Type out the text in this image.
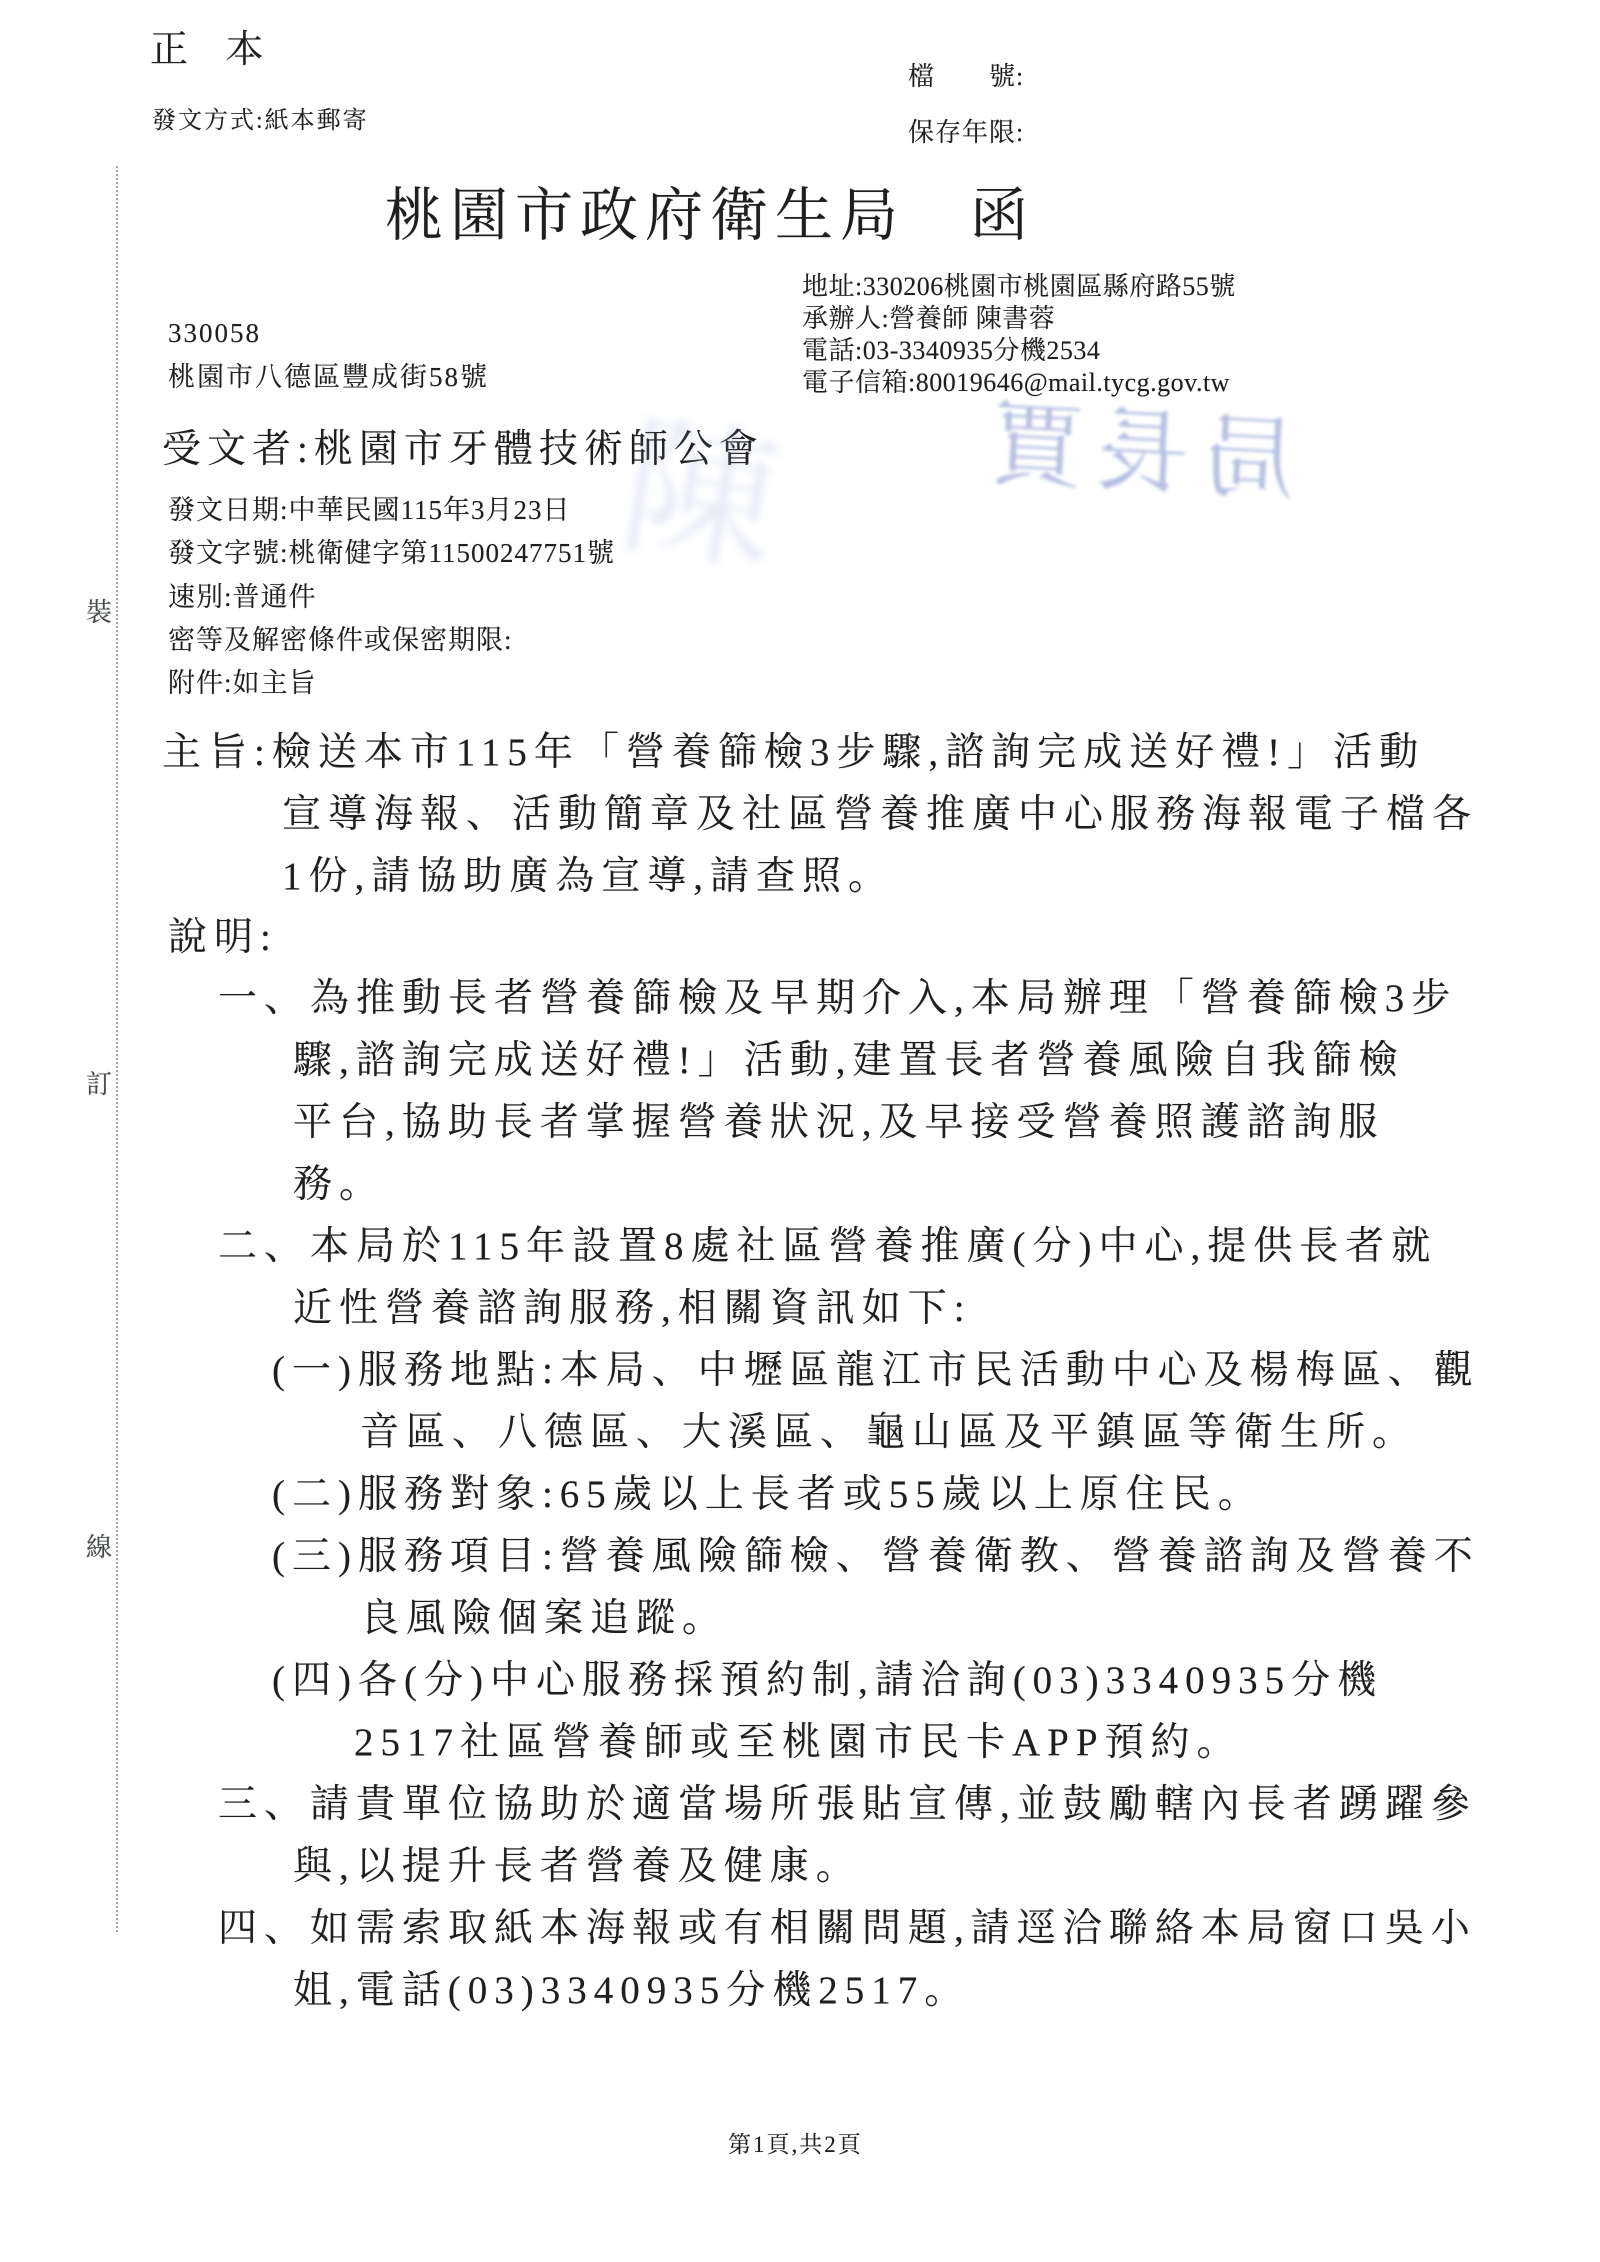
裝
訂
線
正 本
發文方式:紙本郵寄
檔　　號:
保存年限:
桃園市政府衛生局　函
地址:330206桃園市桃園區縣府路55號
承辦人:營養師 陳書蓉
電話:03-3340935分機2534
電子信箱:80019646@mail.tycg.gov.tw
330058
桃園市八德區豐成街58號
受文者:桃園市牙體技術師公會
發文日期:中華民國115年3月23日
發文字號:桃衛健字第11500247751號
速別:普通件
密等及解密條件或保密期限:
附件:如主旨
主旨:檢送本市115年「營養篩檢3步驟,諮詢完成送好禮!」活動
宣導海報、活動簡章及社區營養推廣中心服務海報電子檔各
1份,請協助廣為宣導,請查照。
說明:
一、為推動長者營養篩檢及早期介入,本局辦理「營養篩檢3步
驟,諮詢完成送好禮!」活動,建置長者營養風險自我篩檢
平台,協助長者掌握營養狀況,及早接受營養照護諮詢服
務。
二、本局於115年設置8處社區營養推廣(分)中心,提供長者就
近性營養諮詢服務,相關資訊如下:
(一)服務地點:本局、中壢區龍江市民活動中心及楊梅區、觀
音區、八德區、大溪區、龜山區及平鎮區等衛生所。
(二)服務對象:65歲以上長者或55歲以上原住民。
(三)服務項目:營養風險篩檢、營養衛教、營養諮詢及營養不
良風險個案追蹤。
(四)各(分)中心服務採預約制,請洽詢(03)3340935分機
2517社區營養師或至桃園市民卡APP預約。
三、請貴單位協助於適當場所張貼宣傳,並鼓勵轄內長者踴躍參
與,以提升長者營養及健康。
四、如需索取紙本海報或有相關問題,請逕洽聯絡本局窗口吳小
姐,電話(03)3340935分機2517。
局長賈
陳
第1頁,共2頁
